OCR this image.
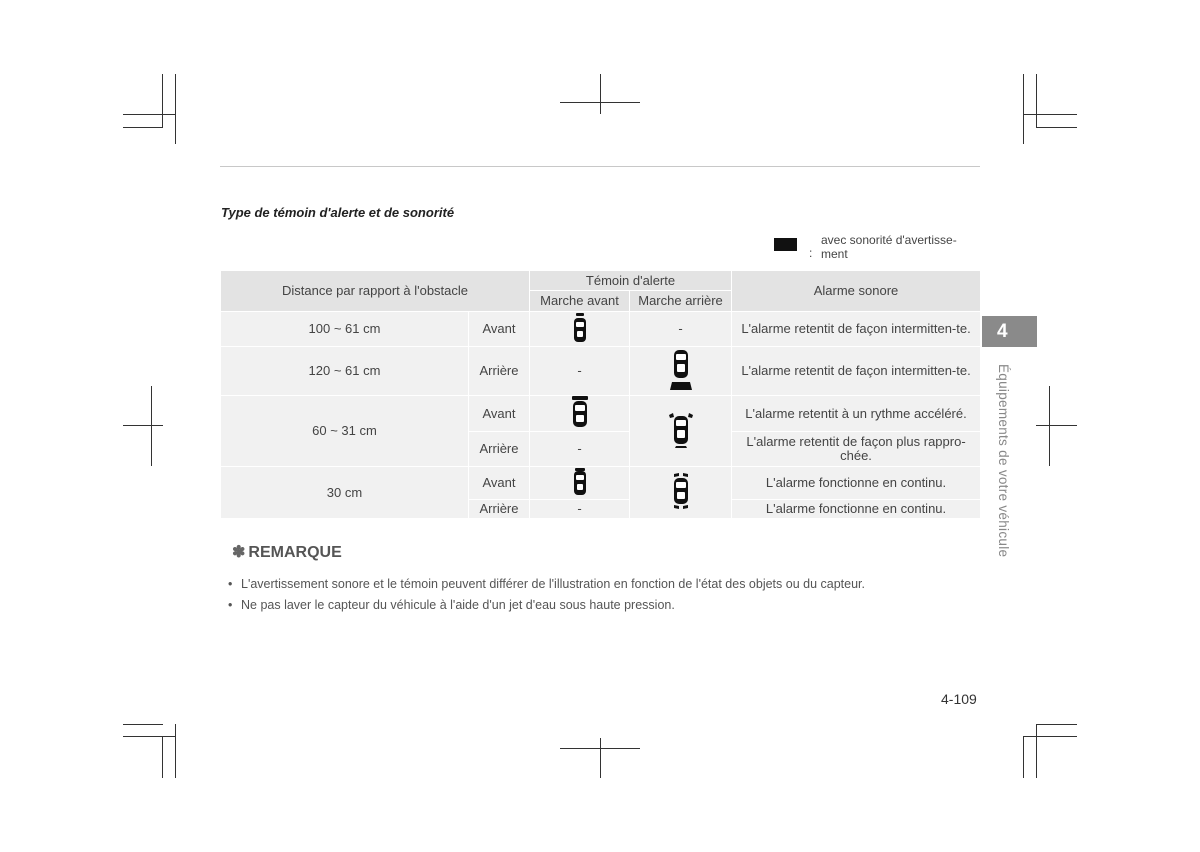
Type de témoin d'alerte et de sonorité
:
avec sonorité d'avertisse-ment
Distance par rapport à l'obstacle		Témoin d'alerte		Alarme sonore
		Marche avant	Marche arrière	
100 ~ 61 cm	Avant		-	L'alarme retentit de façon intermitten-te.
120 ~ 61 cm	Arrière	-		L'alarme retentit de façon intermitten-te.
60 ~ 31 cm	Avant			L'alarme retentit à un rythme accéléré.
	Arrière	-		L'alarme retentit de façon plus rappro-chée.
30 cm	Avant			L'alarme fonctionne en continu.
	Arrière	-		L'alarme fonctionne en continu.
✽ REMARQUE
• L'avertissement sonore et le témoin peuvent différer de l'illustration en fonction de l'état des objets ou du capteur.
• Ne pas laver le capteur du véhicule à l'aide d'un jet d'eau sous haute pression.
4
Équipements de votre véhicule
4-109
